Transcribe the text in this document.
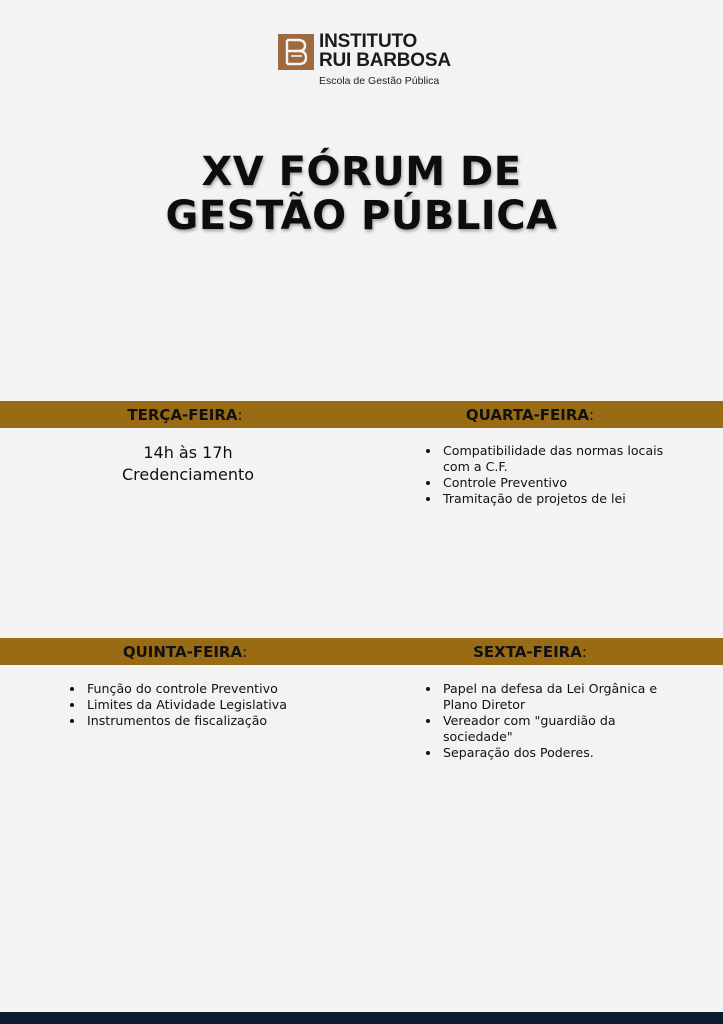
INSTITUTO
RUI BARBOSA
Escola de Gestão Pública
XV FÓRUM DE
GESTÃO PÚBLICA
TERÇA-FEIRA:	QUARTA-FEIRA:
14h às 17h
Credenciamento
• Compatibilidade das normas locais com a C.F.
• Controle Preventivo
• Tramitação de projetos de lei
QUINTA-FEIRA:	SEXTA-FEIRA:
• Função do controle Preventivo
• Limites da Atividade Legislativa
• Instrumentos de fiscalização
• Papel na defesa da Lei Orgânica e Plano Diretor
• Vereador com "guardião da sociedade"
• Separação dos Poderes.
